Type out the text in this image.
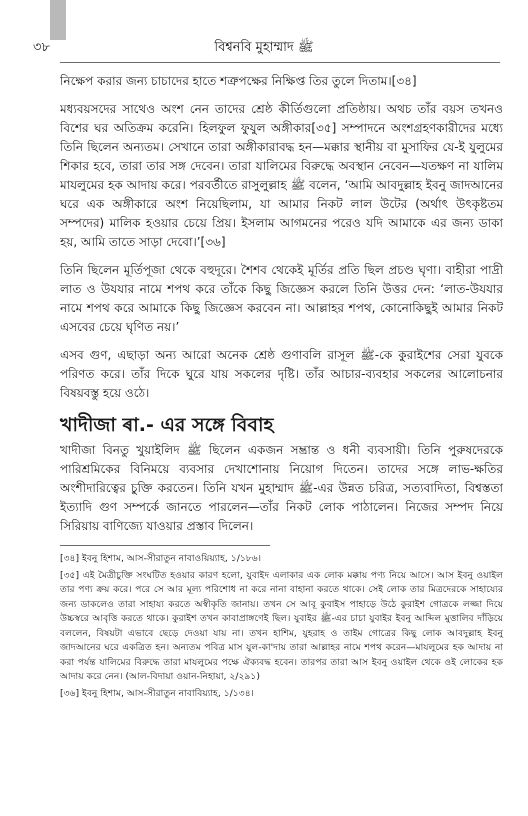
৩৮	বিশ্বনবি মুহাম্মাদ ﷺ

নিক্ষেপ করার জন্য চাচাদের হাতে শত্রুপক্ষের নিক্ষিপ্ত তির তুলে দিতাম।[৩৪]

মধ্যবয়সদের সাথেও অংশ নেন তাদের শ্রেষ্ঠ কীর্তিগুলো প্রতিষ্ঠায়। অথচ তাঁর বয়স তখনও বিশের ঘর অতিক্রম করেনি। হিলফুল ফুযুল অঙ্গীকার[৩৫] সম্পাদনে অংশগ্রহণকারীদের মধ্যে তিনি ছিলেন অন্যতম। সেখানে তারা অঙ্গীকারাবদ্ধ হন—মক্কার স্থানীয় বা মুসাফির যে-ই যুলুমের শিকার হবে, তারা তার সঙ্গ দেবেন। তারা যালিমের বিরুদ্ধে অবস্থান নেবেন—যতক্ষণ না যালিম মাযলুমের হক আদায় করে। পরবর্তীতে রাসুলুল্লাহ ﷺ বলেন, ‘আমি আবদুল্লাহ ইবনু জাদআনের ঘরে এক অঙ্গীকারে অংশ নিয়েছিলাম, যা আমার নিকট লাল উটের (অর্থাৎ উৎকৃষ্টতম সম্পদের) মালিক হওয়ার চেয়ে প্রিয়। ইসলাম আগমনের পরেও যদি আমাকে এর জন্য ডাকা হয়, আমি তাতে সাড়া দেবো।’[৩৬]

তিনি ছিলেন মূর্তিপূজা থেকে বহুদূরে। শৈশব থেকেই মূর্তির প্রতি ছিল প্রচণ্ড ঘৃণা। বাহীরা পাদ্রী লাত ও উযযার নামে শপথ করে তাঁকে কিছু জিজ্ঞেস করলে তিনি উত্তর দেন: ‘লাত-উযযার নামে শপথ করে আমাকে কিছু জিজ্ঞেস করবেন না। আল্লাহর শপথ, কোনোকিছুই আমার নিকট এসবের চেয়ে ঘৃণিত নয়।’

এসব গুণ, এছাড়া অন্য আরো অনেক শ্রেষ্ঠ গুণাবলি রাসূল ﷺ-কে কুরাইশের সেরা যুবকে পরিণত করে। তাঁর দিকে ঘুরে যায় সকলের দৃষ্টি। তাঁর আচার-ব্যবহার সকলের আলোচনার বিষয়বস্তু হয়ে ওঠে।

খাদীজা ৰা.- এর সঙ্গে বিবাহ

খাদীজা বিনতু খুয়াইলিদ ﷺ ছিলেন একজন সম্ভ্রান্ত ও ধনী ব্যবসায়ী। তিনি পুরুষদেরকে পারিশ্রমিকের বিনিময়ে ব্যবসার দেখাশোনায় নিয়োগ দিতেন। তাদের সঙ্গে লাভ-ক্ষতির অংশীদারিত্বের চুক্তি করতেন। তিনি যখন মুহাম্মাদ ﷺ-এর উন্নত চরিত্র, সত্যবাদিতা, বিশ্বস্ততা ইত্যাদি গুণ সম্পর্কে জানতে পারলেন—তাঁর নিকট লোক পাঠালেন। নিজের সম্পদ নিয়ে সিরিয়ায় বাণিজ্যে যাওয়ার প্রস্তাব দিলেন।

[৩৪] ইবনু হিশাম, আস-সীরাতুন নাবাওয়িয়্যাহ, ১/১৮৬।

[৩৫] এই মৈত্রীচুক্তি সংঘটিত হওয়ার কারণ হলো, যুবাইদ এলাকার এক লোক মক্কায় পণ্য নিয়ে আসে। আস ইবনু ওয়াইল তার পণ্য ক্রয় করে। পরে সে আর মূল্য পরিশোধ না করে নানা বাহানা করতে থাকে। সেই লোক তার মিত্রদেরকে সাহায্যের জন্য ডাকলেও তারা সাহায্য করতে অস্বীকৃতি জানায়। তখন সে আবূ কুবাইস পাহাড়ে উঠে কুরাইশ গোত্রকে লজ্জা দিয়ে উচ্চস্বরে আবৃত্তি করতে থাকে। কুরাইশ তখন কাবাপ্রাঙ্গণেই ছিল। যুবাইর ﷺ-এর চাচা যুবাইর ইবনু আব্দিল মুত্তালিব দাঁড়িয়ে বললেন, বিষয়টা এভাবে ছেড়ে দেওয়া যায় না। তখন হাশিম, যুহরাহ ও তাইম গোত্রের কিছু লোক আবদুল্লাহ ইবনু জাদআনের ঘরে একত্রিত হন। অন্যতম পবিত্র মাস যুল-কা'দায় তারা আল্লাহর নামে শপথ করেন—মাযলুমের হক আদায় না করা পর্যন্ত যালিমের বিরুদ্ধে তারা মাযলুমের পক্ষে ঐক্যবদ্ধ হবেন। তারপর তারা আস ইবনু ওয়াইল থেকে ওই লোকের হক আদায় করে নেন। (আল-বিদায়া ওয়ান-নিহায়া, ২/২৯১)

[৩৬] ইবনু হিশাম, আস-সীরাতুন নাবাবিয়্যাহ, ১/১৩৪।
